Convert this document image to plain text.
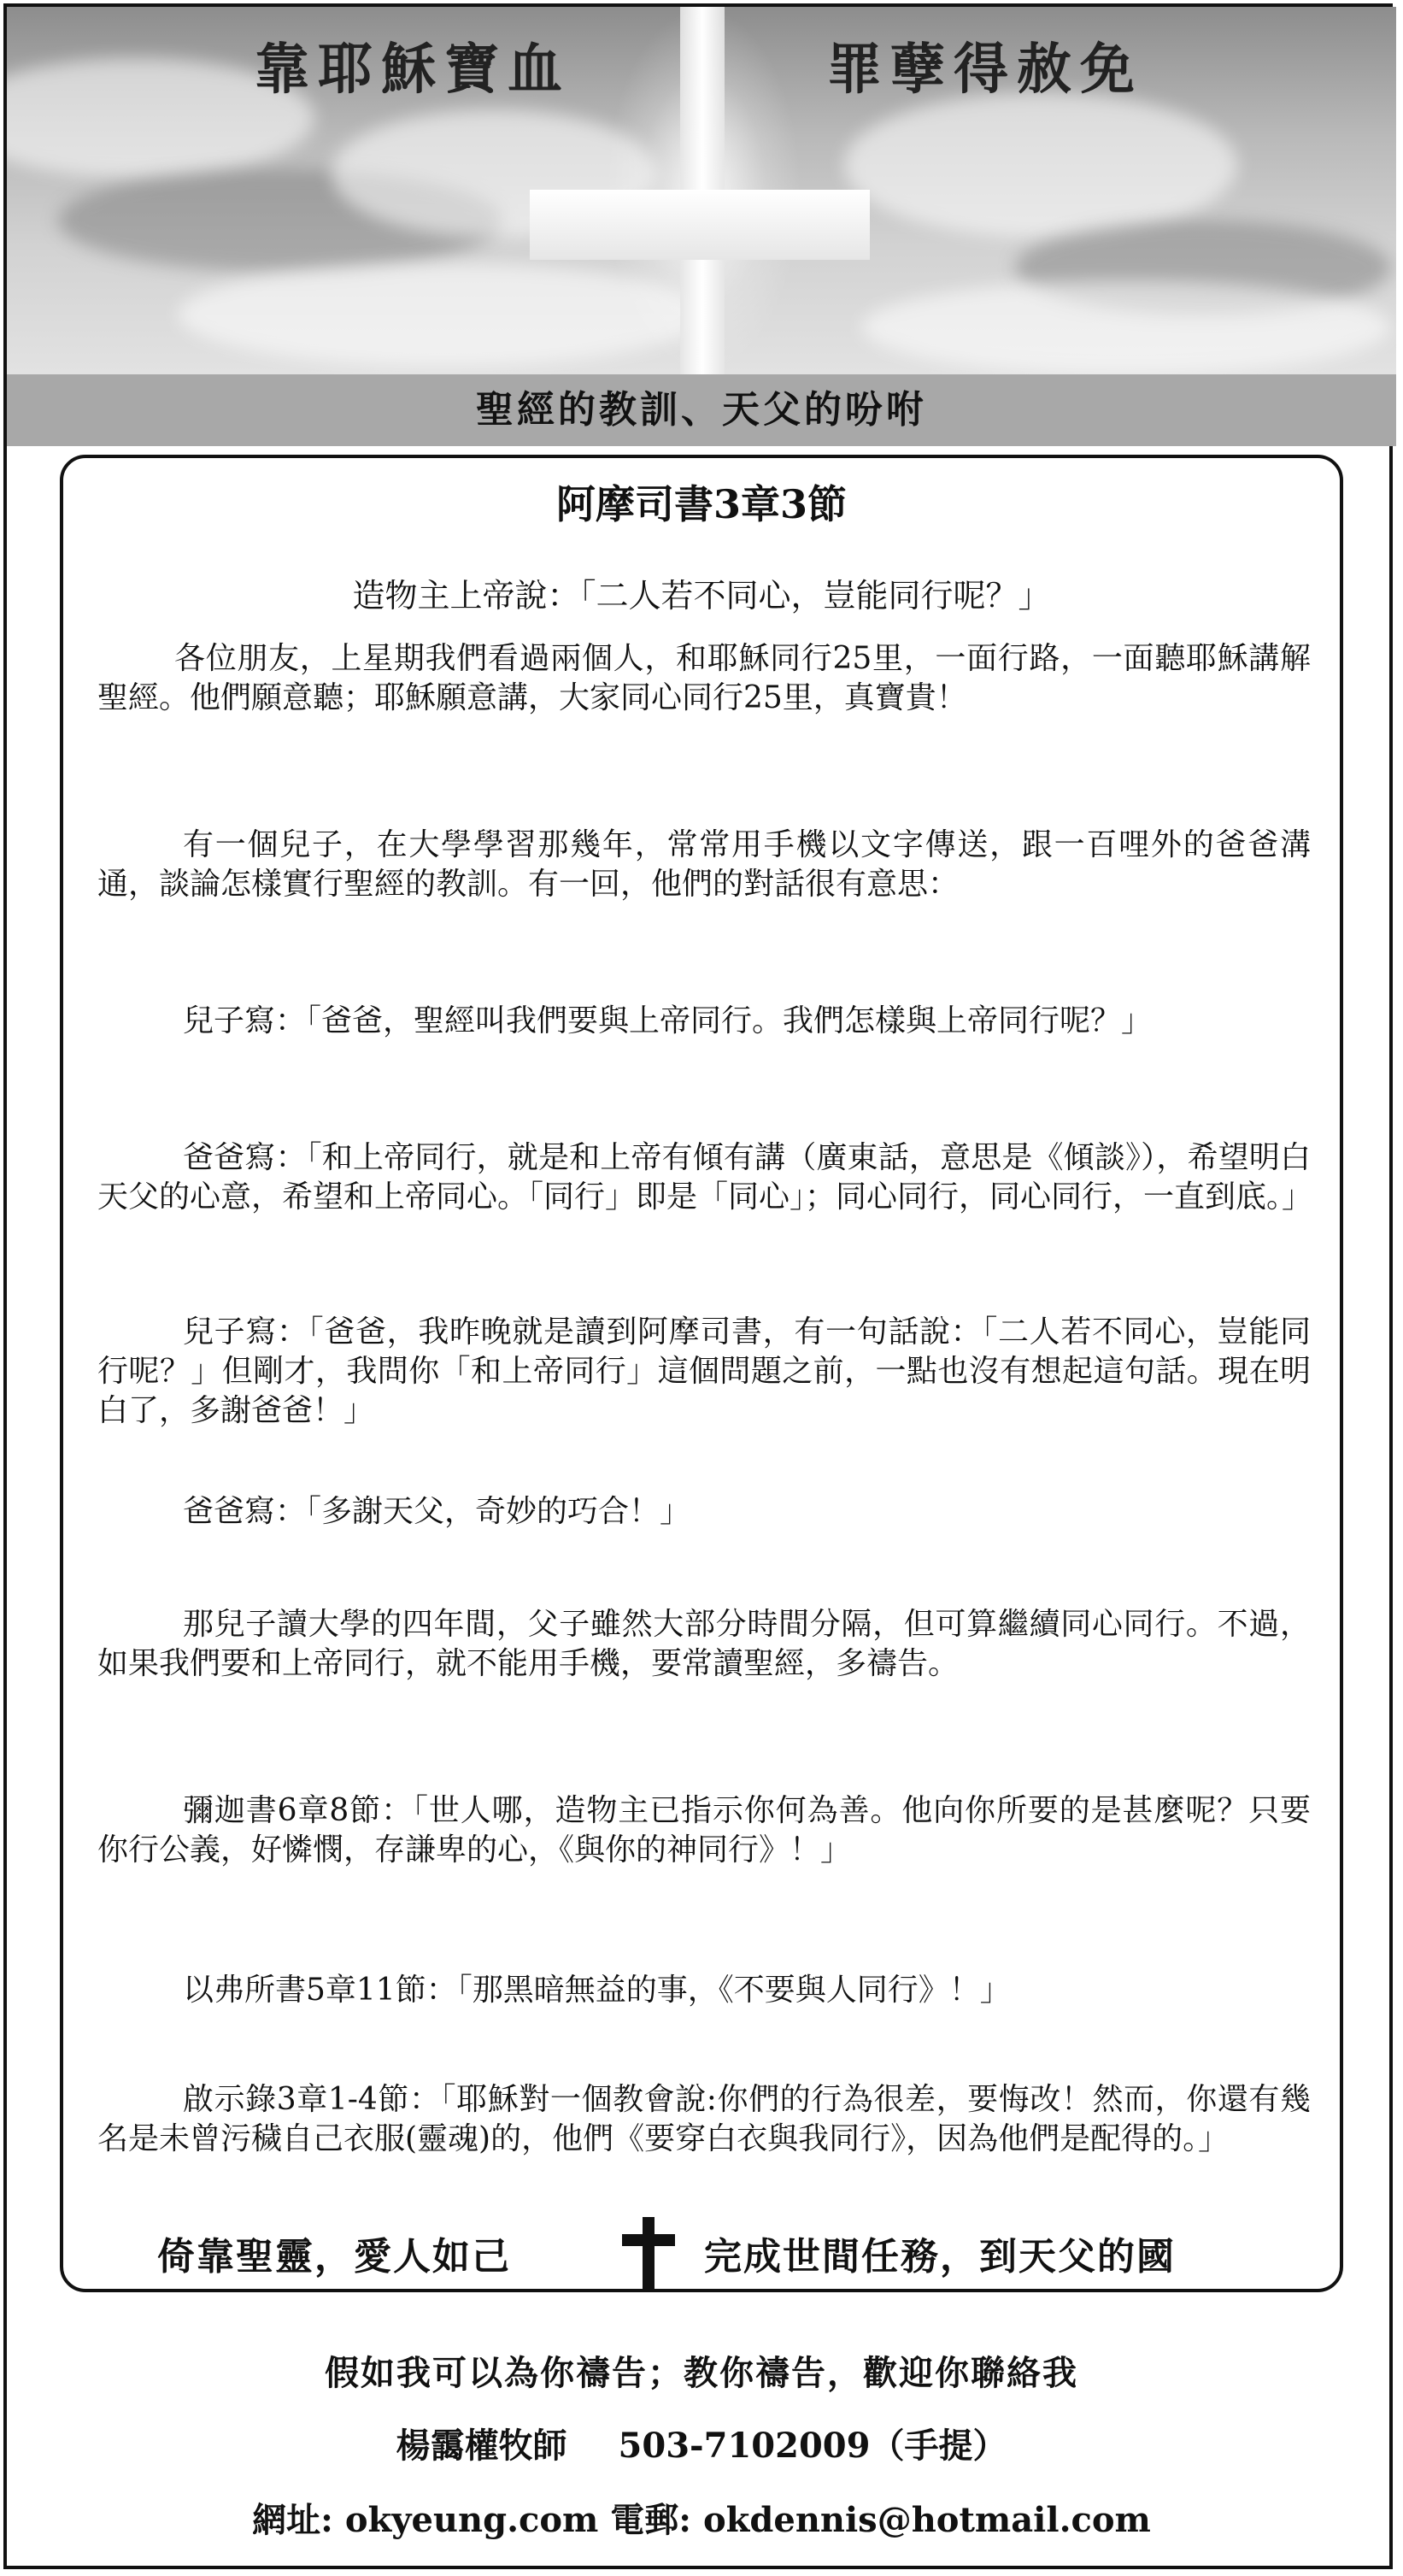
靠耶穌寶血	罪孽得赦免
聖經的教訓、天父的吩咐
阿摩司書3章3節
造物主上帝說：「二人若不同心，豈能同行呢？」
各位朋友，上星期我們看過兩個人，和耶穌同行25里，一面行路，一面聽耶穌講解聖經。他們願意聽；耶穌願意講，大家同心同行25里，真寶貴！
有一個兒子，在大學學習那幾年，常常用手機以文字傳送，跟一百哩外的爸爸溝通，談論怎樣實行聖經的教訓。有一回，他們的對話很有意思：
兒子寫：「爸爸，聖經叫我們要與上帝同行。我們怎樣與上帝同行呢？」
爸爸寫：「和上帝同行，就是和上帝有傾有講（廣東話，意思是《傾談》），希望明白天父的心意，希望和上帝同心。「同行」即是「同心」；同心同行，同心同行，一直到底。」
兒子寫：「爸爸，我昨晚就是讀到阿摩司書，有一句話說：「二人若不同心，豈能同行呢？」但剛才，我問你「和上帝同行」這個問題之前，一點也沒有想起這句話。現在明白了，多謝爸爸！」
爸爸寫：「多謝天父，奇妙的巧合！」
那兒子讀大學的四年間，父子雖然大部分時間分隔，但可算繼續同心同行。不過，如果我們要和上帝同行，就不能用手機，要常讀聖經，多禱告。
彌迦書6章8節：「世人哪，造物主已指示你何為善。他向你所要的是甚麼呢？只要你行公義，好憐憫，存謙卑的心，《與你的神同行》！」
以弗所書5章11節：「那黑暗無益的事，《不要與人同行》！」
啟示錄3章1-4節：「耶穌對一個教會說:你們的行為很差，要悔改！然而，你還有幾名是未曾污穢自己衣服(靈魂)的，他們《要穿白衣與我同行》，因為他們是配得的。」
倚靠聖靈，愛人如己	完成世間任務，到天父的國
假如我可以為你禱告；教你禱告，歡迎你聯絡我
楊靄權牧師 503-7102009（手提）
網址: okyeung.com 電郵: okdennis@hotmail.com
